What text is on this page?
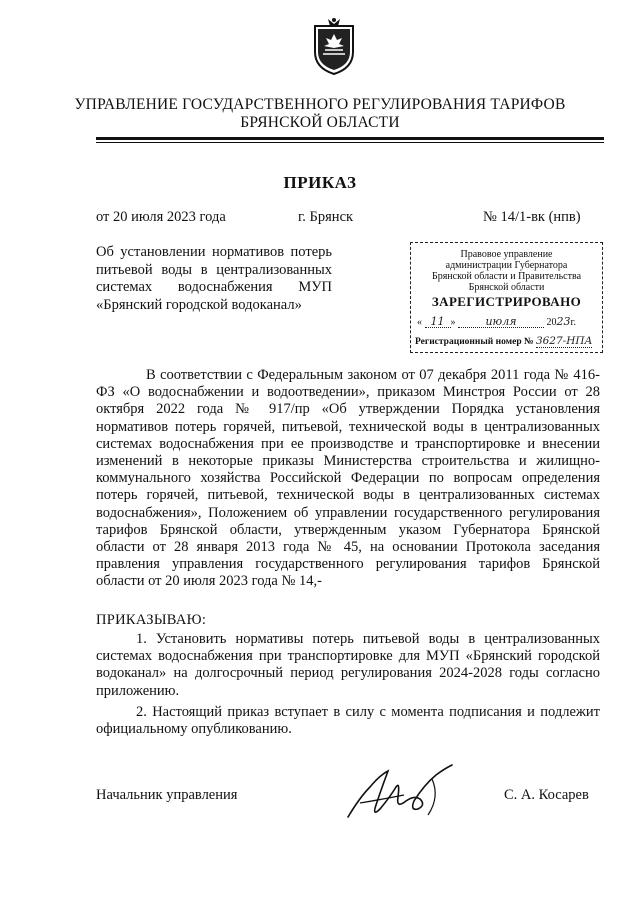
УПРАВЛЕНИЕ ГОСУДАРСТВЕННОГО РЕГУЛИРОВАНИЯ ТАРИФОВ
БРЯНСКОЙ ОБЛАСТИ
ПРИКАЗ
от 20 июля 2023 года	г. Брянск	№ 14/1-вк (нпв)
Об установлении нормативов потерь питьевой воды в централизованных системах водоснабжения МУП «Брянский городской водоканал»
Правовое управление
администрации Губернатора
Брянской области и Правительства
Брянской области
ЗАРЕГИСТРИРОВАНО
« 11 »	июля	2023г.
Регистрационный номер № 3627-НПА
В соответствии с Федеральным законом от 07 декабря 2011 года № 416-ФЗ «О водоснабжении и водоотведении», приказом Минстроя России от 28 октября 2022 года № 917/пр «Об утверждении Порядка установления нормативов потерь горячей, питьевой, технической воды в централизованных системах водоснабжения при ее производстве и транспортировке и внесении изменений в некоторые приказы Министерства строительства и жилищно-коммунального хозяйства Российской Федерации по вопросам определения потерь горячей, питьевой, технической воды в централизованных системах водоснабжения», Положением об управлении государственного регулирования тарифов Брянской области, утвержденным указом Губернатора Брянской области от 28 января 2013 года № 45, на основании Протокола заседания правления управления государственного регулирования тарифов Брянской области от 20 июля 2023 года № 14,-
ПРИКАЗЫВАЮ:

1. Установить нормативы потерь питьевой воды в централизованных системах водоснабжения при транспортировке для МУП «Брянский городской водоканал» на долгосрочный период регулирования 2024-2028 годы согласно приложению.

2. Настоящий приказ вступает в силу с момента подписания и подлежит официальному опубликованию.

Начальник управления	С. А. Косарев
